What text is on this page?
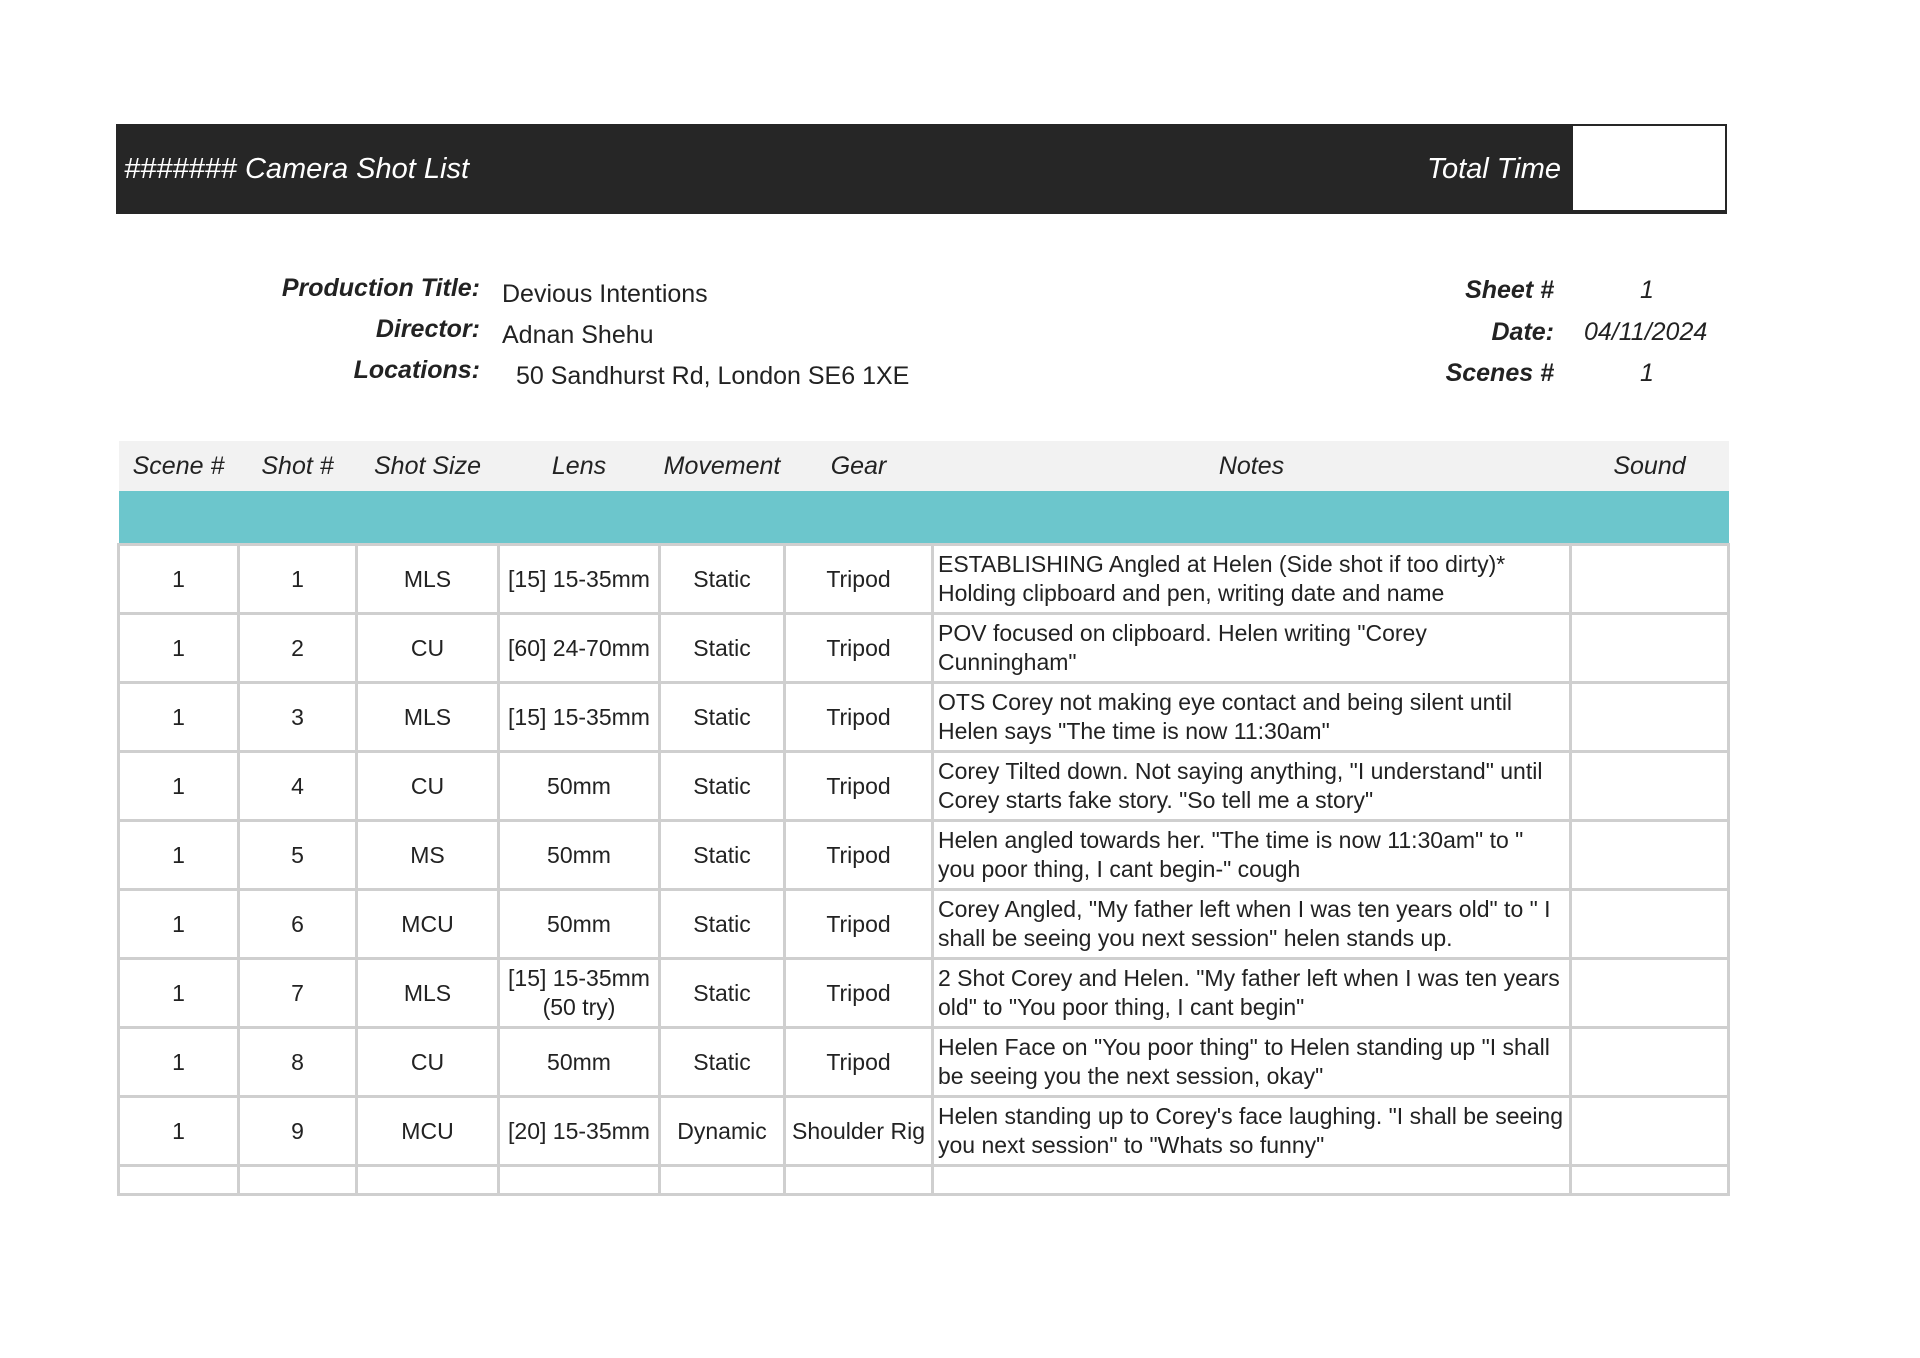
####### Camera Shot List	Total Time
Production Title: Devious Intentions
Director: Adnan Shehu
Locations: 50 Sandhurst Rd, London SE6 1XE
Sheet #	1
Date: 04/11/2024
Scenes #	1
Scene #	Shot #	Shot Size	Lens	Movement	Gear	Notes	Sound

1	1	MLS	[15] 15-35mm	Static	Tripod	ESTABLISHING Angled at Helen (Side shot if too dirty)* Holding clipboard and pen, writing date and name	
1	2	CU	[60] 24-70mm	Static	Tripod	POV focused on clipboard. Helen writing "Corey Cunningham"	
1	3	MLS	[15] 15-35mm	Static	Tripod	OTS Corey not making eye contact and being silent until Helen says "The time is now 11:30am"	
1	4	CU	50mm	Static	Tripod	Corey Tilted down. Not saying anything, "I understand" until Corey starts fake story. "So tell me a story"	
1	5	MS	50mm	Static	Tripod	Helen angled towards her. "The time is now 11:30am" to " you poor thing, I cant begin-" cough	
1	6	MCU	50mm	Static	Tripod	Corey Angled, "My father left when I was ten years old" to " I shall be seeing you next session" helen stands up.	
1	7	MLS	[15] 15-35mm (50 try)	Static	Tripod	2 Shot Corey and Helen. "My father left when I was ten years old" to "You poor thing, I cant begin"	
1	8	CU	50mm	Static	Tripod	Helen Face on "You poor thing" to Helen standing up "I shall be seeing you the next session, okay"	
1	9	MCU	[20] 15-35mm	Dynamic	Shoulder Rig	Helen standing up to Corey's face laughing. "I shall be seeing you next session" to "Whats so funny"	
